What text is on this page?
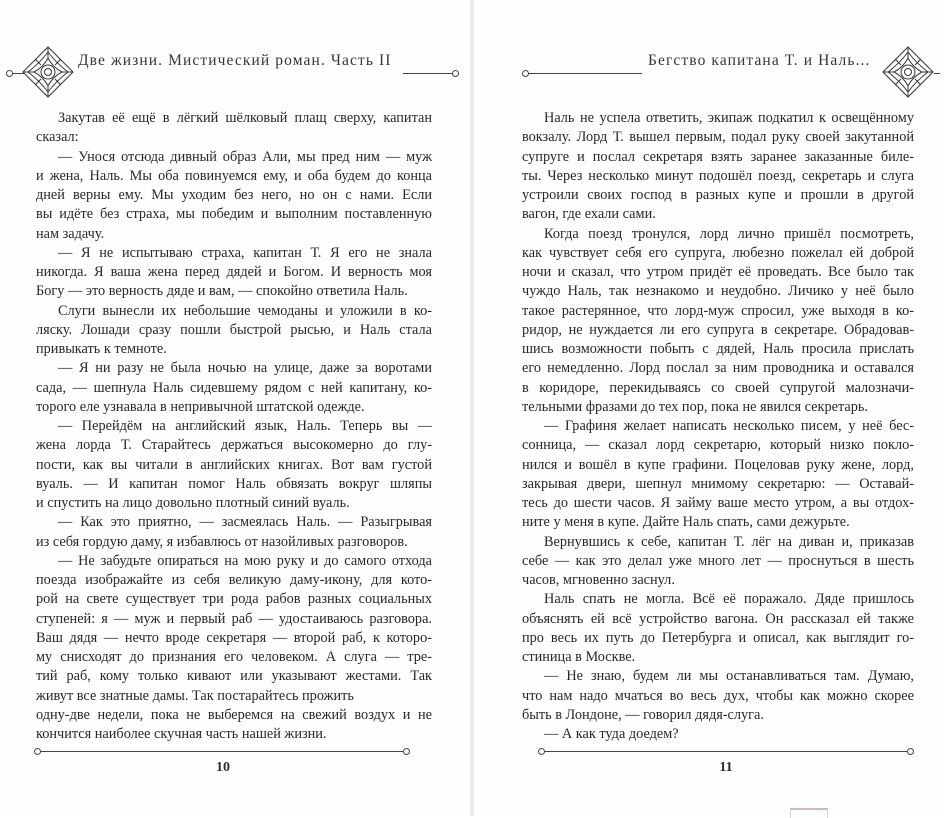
Две жизни. Мистический роман. Часть II
Закутав её ещё в лёгкий шёлковый плащ сверху, капитан
сказал:
— Унося отсюда дивный образ Али, мы пред ним — муж
и жена, Наль. Мы оба повинуемся ему, и оба будем до конца
дней верны ему. Мы уходим без него, но он с нами. Если
вы идёте без страха, мы победим и выполним поставленную
нам задачу.
— Я не испытываю страха, капитан Т. Я его не знала
никогда. Я ваша жена перед дядей и Богом. И верность моя
Богу — это верность дяде и вам, — спокойно ответила Наль.
Слуги вынесли их небольшие чемоданы и уложили в ко-
ляску. Лошади сразу пошли быстрой рысью, и Наль стала
привыкать к темноте.
— Я ни разу не была ночью на улице, даже за воротами
сада, — шепнула Наль сидевшему рядом с ней капитану, ко-
торого еле узнавала в непривычной штатской одежде.
— Перейдём на английский язык, Наль. Теперь вы —
жена лорда Т. Старайтесь держаться высокомерно до глу-
пости, как вы читали в английских книгах. Вот вам густой
вуаль. — И капитан помог Наль обвязать вокруг шляпы
и спустить на лицо довольно плотный синий вуаль.
— Как это приятно, — засмеялась Наль. — Разыгрывая
из себя гордую даму, я избавлюсь от назойливых разговоров.
— Не забудьте опираться на мою руку и до самого отхода
поезда изображайте из себя великую даму-икону, для кото-
рой на свете существует три рода рабов разных социальных
ступеней: я — муж и первый раб — удостаиваюсь разговора.
Ваш дядя — нечто вроде секретаря — второй раб, к которо-
му снисходят до признания его человеком. А слуга — тре-
тий раб, кому только кивают или указывают жестами. Так
живут все знатные дамы. Так постарайтесь прожить
одну-две недели, пока не выберемся на свежий воздух и не
кончится наиболее скучная часть нашей жизни.
10
Бегство капитана Т. и Наль...
Наль не успела ответить, экипаж подкатил к освещённому
вокзалу. Лорд Т. вышел первым, подал руку своей закутанной
супруге и послал секретаря взять заранее заказанные биле-
ты. Через несколько минут подошёл поезд, секретарь и слуга
устроили своих господ в разных купе и прошли в другой
вагон, где ехали сами.
Когда поезд тронулся, лорд лично пришёл посмотреть,
как чувствует себя его супруга, любезно пожелал ей доброй
ночи и сказал, что утром придёт её проведать. Все было так
чуждо Наль, так незнакомо и неудобно. Личико у неё было
такое растерянное, что лорд-муж спросил, уже выходя в ко-
ридор, не нуждается ли его супруга в секретаре. Обрадовав-
шись возможности побыть с дядей, Наль просила прислать
его немедленно. Лорд послал за ним проводника и оставался
в коридоре, перекидываясь со своей супругой малозначи-
тельными фразами до тех пор, пока не явился секретарь.
— Графиня желает написать несколько писем, у неё бес-
сонница, — сказал лорд секретарю, который низко покло-
нился и вошёл в купе графини. Поцеловав руку жене, лорд,
закрывая двери, шепнул мнимому секретарю: — Оставай-
тесь до шести часов. Я займу ваше место утром, а вы отдох-
ните у меня в купе. Дайте Наль спать, сами дежурьте.
Вернувшись к себе, капитан Т. лёг на диван и, приказав
себе — как это делал уже много лет — проснуться в шесть
часов, мгновенно заснул.
Наль спать не могла. Всё её поражало. Дяде пришлось
объяснять ей всё устройство вагона. Он рассказал ей также
про весь их путь до Петербурга и описал, как выглядит го-
стиница в Москве.
— Не знаю, будем ли мы останавливаться там. Думаю,
что нам надо мчаться во весь дух, чтобы как можно скорее
быть в Лондоне, — говорил дядя-слуга.
— А как туда доедем?
11
